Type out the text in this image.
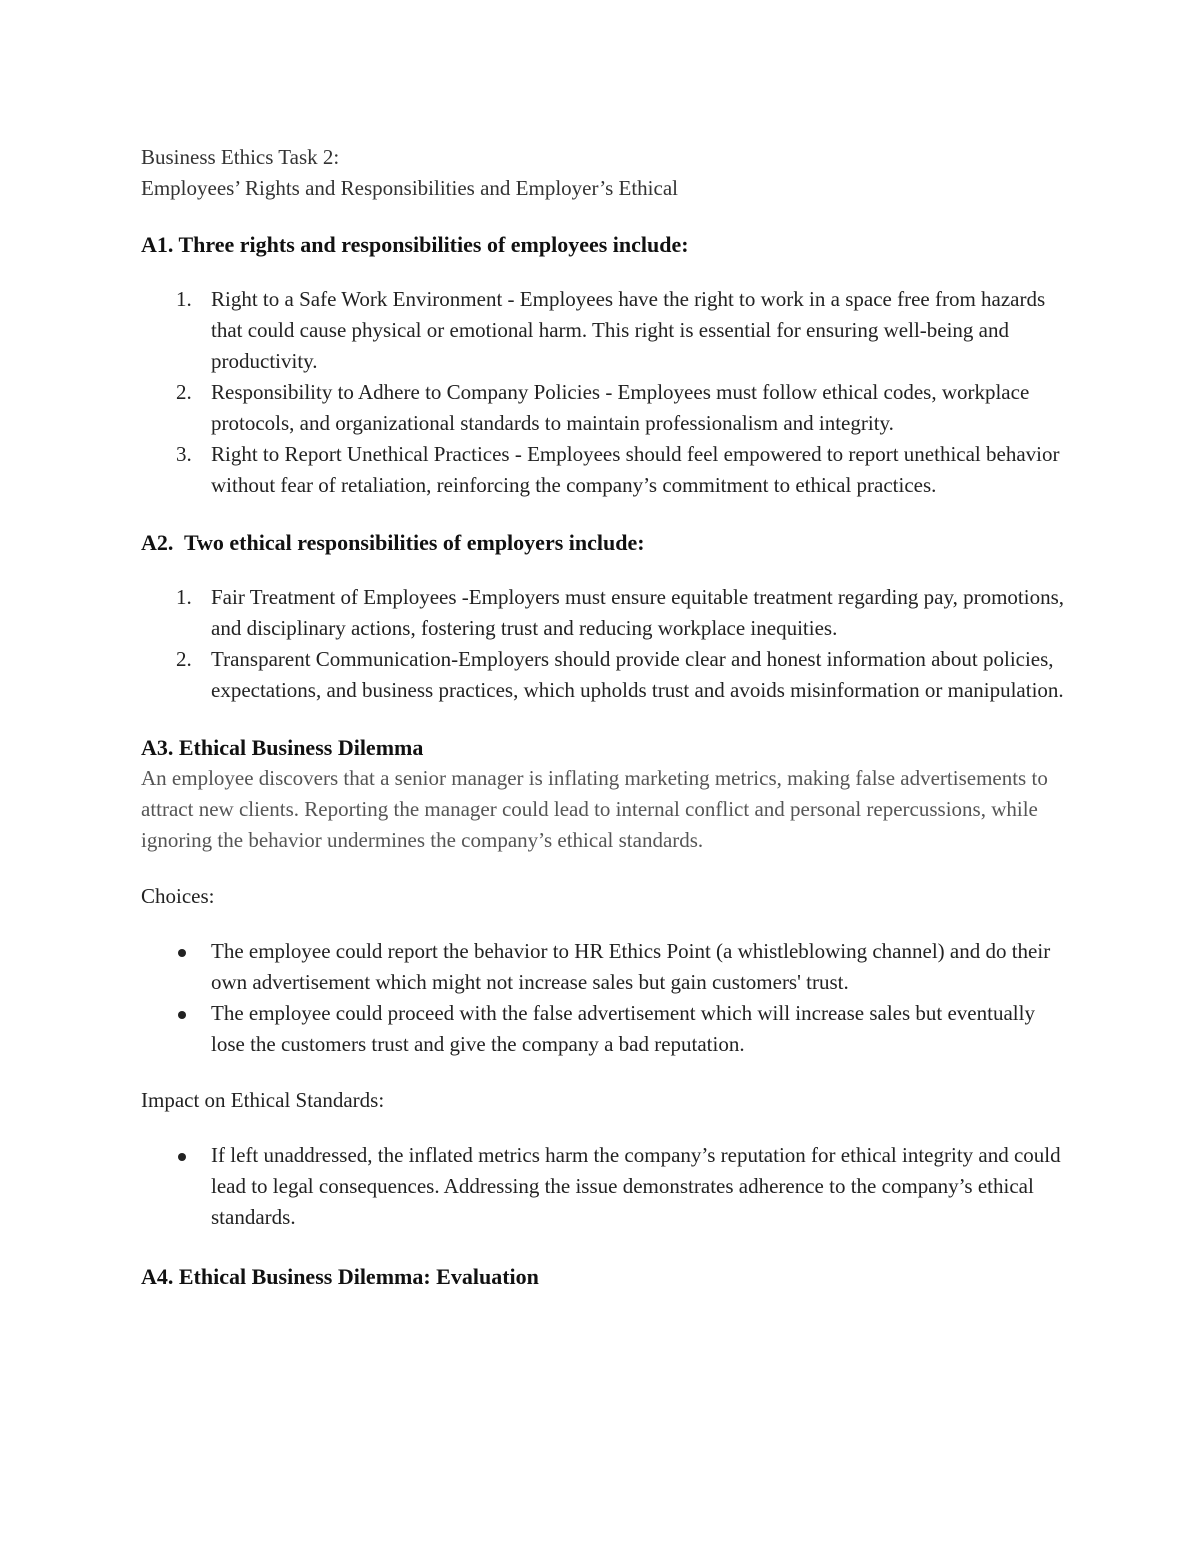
Business Ethics Task 2:
Employees’ Rights and Responsibilities and Employer’s Ethical
A1. Three rights and responsibilities of employees include:
1. Right to a Safe Work Environment - Employees have the right to work in a space free from hazards that could cause physical or emotional harm. This right is essential for ensuring well-being and productivity.
2. Responsibility to Adhere to Company Policies - Employees must follow ethical codes, workplace protocols, and organizational standards to maintain professionalism and integrity.
3. Right to Report Unethical Practices - Employees should feel empowered to report unethical behavior without fear of retaliation, reinforcing the company’s commitment to ethical practices.
A2.  Two ethical responsibilities of employers include:
1. Fair Treatment of Employees -Employers must ensure equitable treatment regarding pay, promotions, and disciplinary actions, fostering trust and reducing workplace inequities.
2. Transparent Communication-Employers should provide clear and honest information about policies, expectations, and business practices, which upholds trust and avoids misinformation or manipulation.
A3. Ethical Business Dilemma
An employee discovers that a senior manager is inflating marketing metrics, making false advertisements to attract new clients. Reporting the manager could lead to internal conflict and personal repercussions, while ignoring the behavior undermines the company’s ethical standards.
Choices:
The employee could report the behavior to HR Ethics Point (a whistleblowing channel) and do their own advertisement which might not increase sales but gain customers' trust.
The employee could proceed with the false advertisement which will increase sales but eventually lose the customers trust and give the company a bad reputation.
Impact on Ethical Standards:
If left unaddressed, the inflated metrics harm the company’s reputation for ethical integrity and could lead to legal consequences. Addressing the issue demonstrates adherence to the company’s ethical standards.
A4. Ethical Business Dilemma: Evaluation
